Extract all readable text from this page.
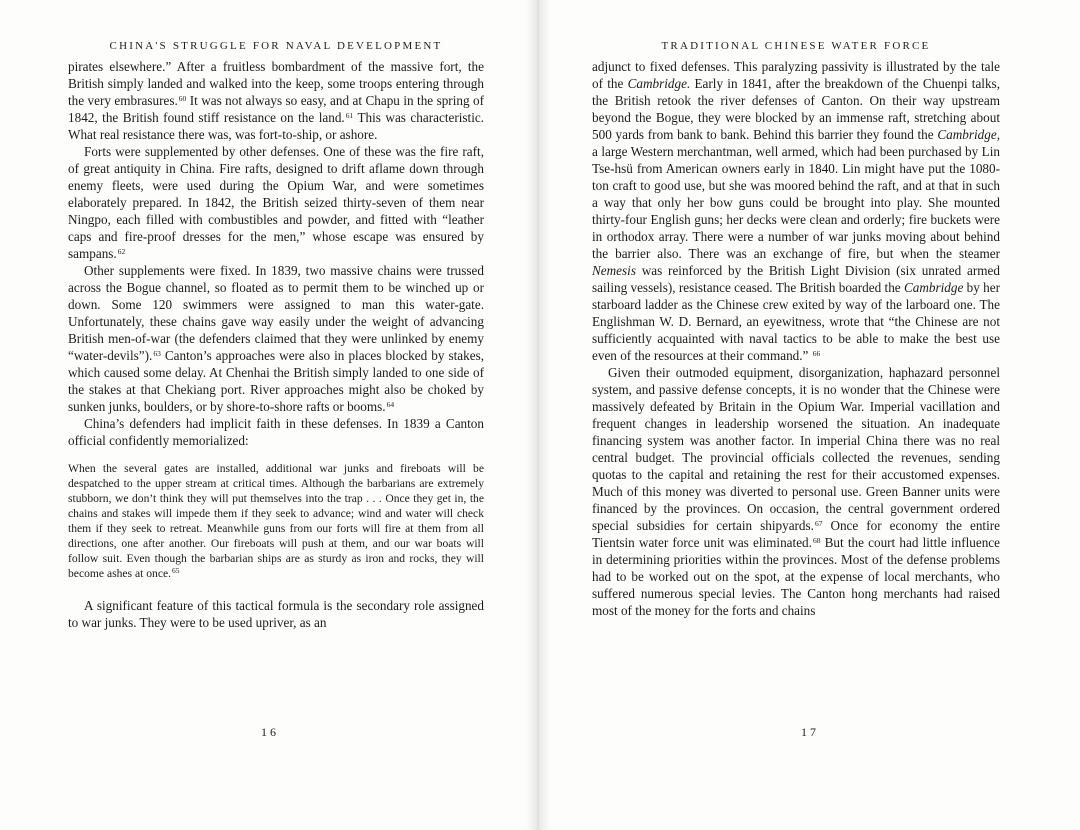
CHINA'S STRUGGLE FOR NAVAL DEVELOPMENT

pirates elsewhere.” After a fruitless bombardment of the massive fort, the British simply landed and walked into the keep, some troops entering through the very embrasures.$^{60}$ It was not always so easy, and at Chapu in the spring of 1842, the British found stiff resistance on the land.$^{61}$ This was characteristic. What real resistance there was, was fort-to-ship, or ashore.

Forts were supplemented by other defenses. One of these was the fire raft, of great antiquity in China. Fire rafts, designed to drift aflame down through enemy fleets, were used during the Opium War, and were sometimes elaborately prepared. In 1842, the British seized thirty-seven of them near Ningpo, each filled with combustibles and powder, and fitted with “leather caps and fire-proof dresses for the men,” whose escape was ensured by sampans.$^{62}$

Other supplements were fixed. In 1839, two massive chains were trussed across the Bogue channel, so floated as to permit them to be winched up or down. Some 120 swimmers were assigned to man this water-gate. Unfortunately, these chains gave way easily under the weight of advancing British men-of-war (the defenders claimed that they were unlinked by enemy “water-devils”).$^{63}$ Canton’s approaches were also in places blocked by stakes, which caused some delay. At Chenhai the British simply landed to one side of the stakes at that Chekiang port. River approaches might also be choked by sunken junks, boulders, or by shore-to-shore rafts or booms.$^{64}$

China’s defenders had implicit faith in these defenses. In 1839 a Canton official confidently memorialized:

When the several gates are installed, additional war junks and fireboats will be despatched to the upper stream at critical times. Although the barbarians are extremely stubborn, we don’t think they will put themselves into the trap . . . Once they get in, the chains and stakes will impede them if they seek to advance; wind and water will check them if they seek to retreat. Meanwhile guns from our forts will fire at them from all directions, one after another. Our fireboats will push at them, and our war boats will follow suit. Even though the barbarian ships are as sturdy as iron and rocks, they will become ashes at once.$^{65}$

A significant feature of this tactical formula is the secondary role assigned to war junks. They were to be used upriver, as an

16
TRADITIONAL CHINESE WATER FORCE

adjunct to fixed defenses. This paralyzing passivity is illustrated by the tale of the Cambridge. Early in 1841, after the breakdown of the Chuenpi talks, the British retook the river defenses of Canton. On their way upstream beyond the Bogue, they were blocked by an immense raft, stretching about 500 yards from bank to bank. Behind this barrier they found the Cambridge, a large Western merchantman, well armed, which had been purchased by Lin Tse-hsü from American owners early in 1840. Lin might have put the 1080-ton craft to good use, but she was moored behind the raft, and at that in such a way that only her bow guns could be brought into play. She mounted thirty-four English guns; her decks were clean and orderly; fire buckets were in orthodox array. There were a number of war junks moving about behind the barrier also. There was an exchange of fire, but when the steamer Nemesis was reinforced by the British Light Division (six unrated armed sailing vessels), resistance ceased. The British boarded the Cambridge by her starboard ladder as the Chinese crew exited by way of the larboard one. The Englishman W. D. Bernard, an eyewitness, wrote that “the Chinese are not sufficiently acquainted with naval tactics to be able to make the best use even of the resources at their command.” $^{66}$

Given their outmoded equipment, disorganization, haphazard personnel system, and passive defense concepts, it is no wonder that the Chinese were massively defeated by Britain in the Opium War. Imperial vacillation and frequent changes in leadership worsened the situation. An inadequate financing system was another factor. In imperial China there was no real central budget. The provincial officials collected the revenues, sending quotas to the capital and retaining the rest for their accustomed expenses. Much of this money was diverted to personal use. Green Banner units were financed by the provinces. On occasion, the central government ordered special subsidies for certain shipyards.$^{67}$ Once for economy the entire Tientsin water force unit was eliminated.$^{68}$ But the court had little influence in determining priorities within the provinces. Most of the defense problems had to be worked out on the spot, at the expense of local merchants, who suffered numerous special levies. The Canton hong merchants had raised most of the money for the forts and chains

17
